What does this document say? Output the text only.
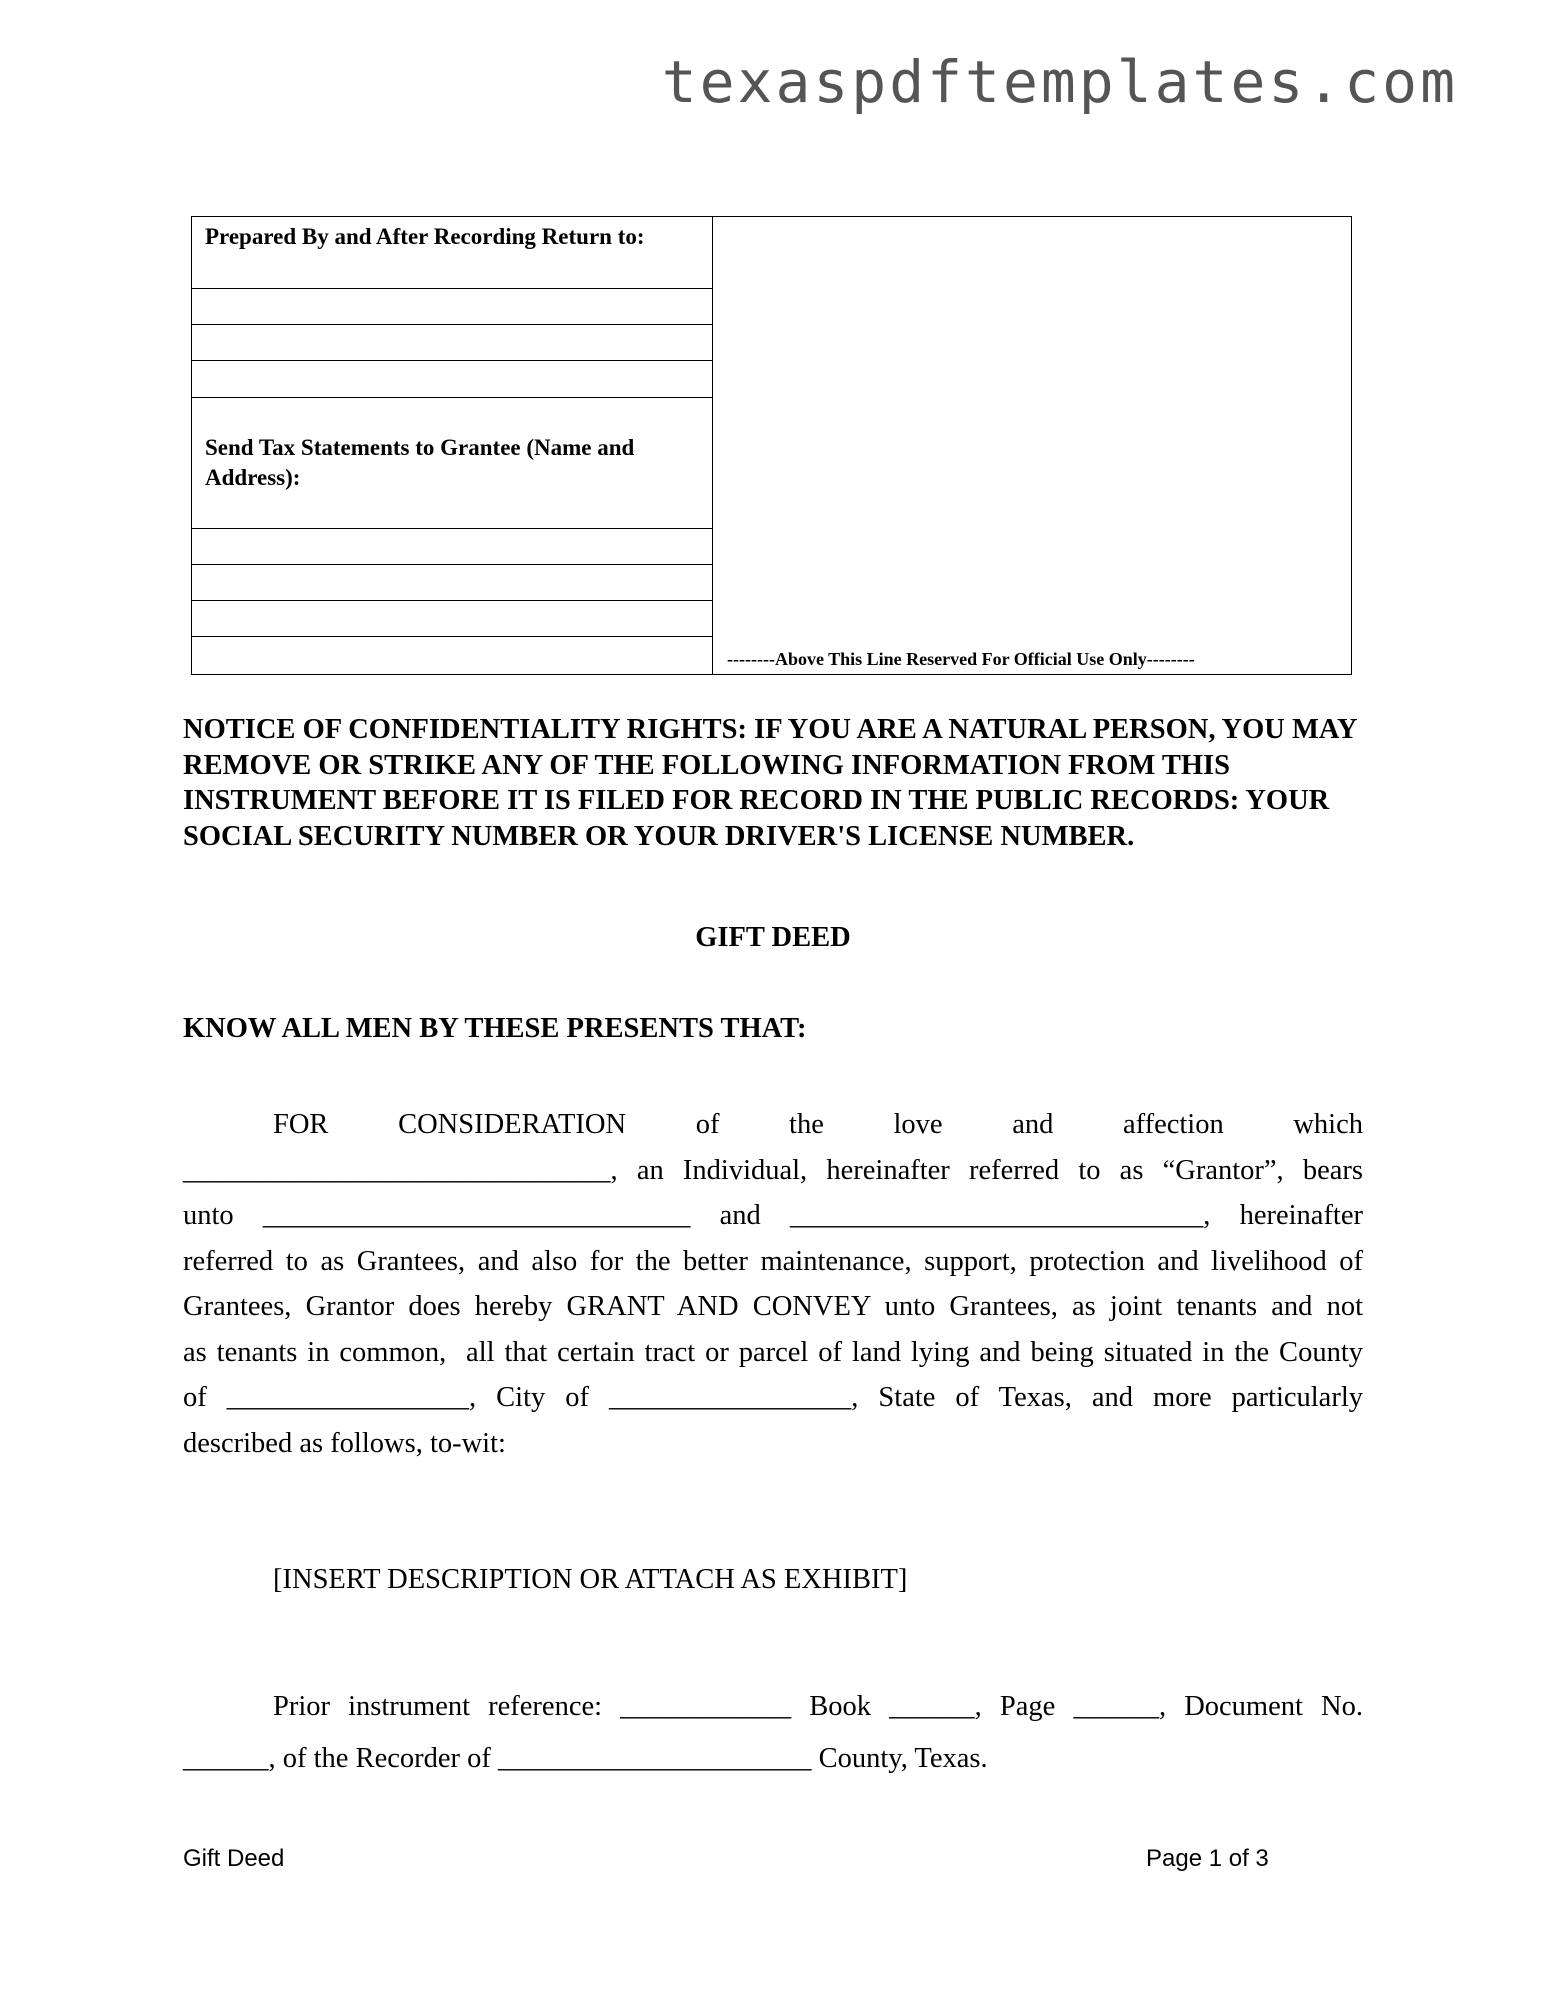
texaspdftemplates.com
Prepared By and After Recording Return to:
Send Tax Statements to Grantee (Name and Address):
--------Above This Line Reserved For Official Use Only--------
NOTICE OF CONFIDENTIALITY RIGHTS: IF YOU ARE A NATURAL PERSON, YOU MAY REMOVE OR STRIKE ANY OF THE FOLLOWING INFORMATION FROM THIS INSTRUMENT BEFORE IT IS FILED FOR RECORD IN THE PUBLIC RECORDS: YOUR SOCIAL SECURITY NUMBER OR YOUR DRIVER'S LICENSE NUMBER.
GIFT DEED
KNOW ALL MEN BY THESE PRESENTS THAT:
FOR CONSIDERATION of the love and affection which
______________________________, an Individual, hereinafter referred to as “Grantor”, bears
unto ______________________________ and _____________________________, hereinafter
referred to as Grantees, and also for the better maintenance, support, protection and livelihood of
Grantees, Grantor does hereby GRANT AND CONVEY unto Grantees, as joint tenants and not
as tenants in common,  all that certain tract or parcel of land lying and being situated in the County
of _________________, City of _________________, State of Texas, and more particularly
described as follows, to-wit:
[INSERT DESCRIPTION OR ATTACH AS EXHIBIT]
Prior instrument reference: ____________ Book ______, Page ______, Document No.
______, of the Recorder of ______________________ County, Texas.
Gift Deed	Page 1 of 3
